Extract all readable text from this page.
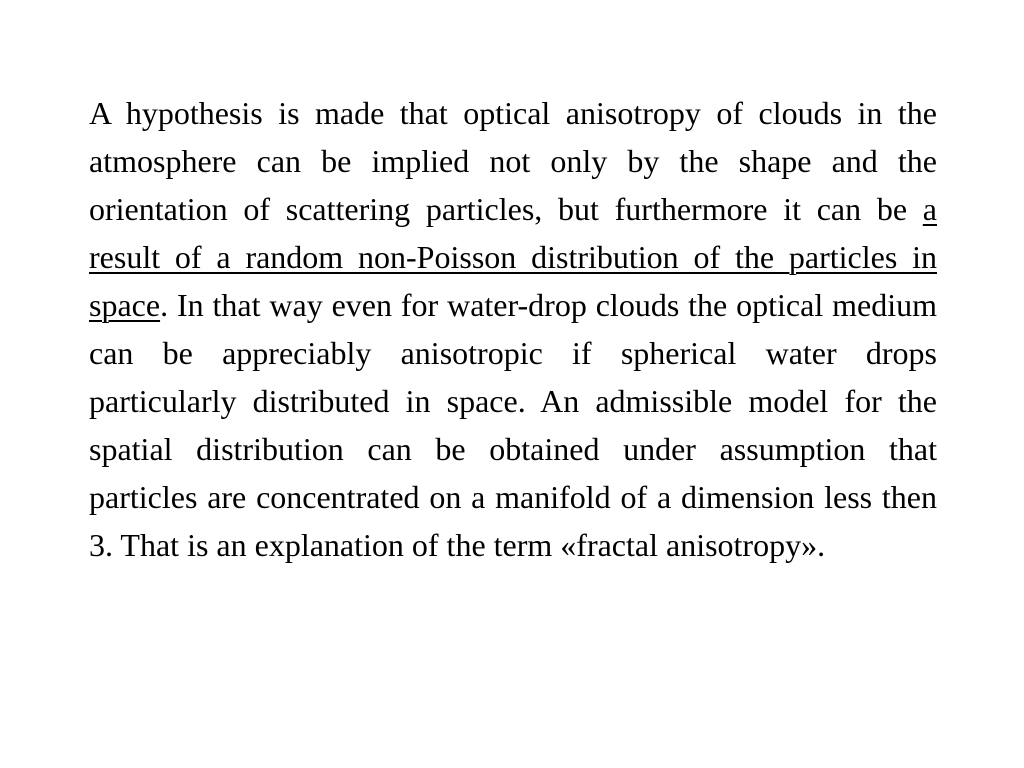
A hypothesis is made that optical anisotropy of clouds in the atmosphere can be implied not only by the shape and the orientation of scattering particles, but furthermore it can be a result of a random non-Poisson distribution of the particles in space. In that way even for water-drop clouds the optical medium can be appreciably anisotropic if spherical water drops particularly distributed in space. An admissible model for the spatial distribution can be obtained under assumption that particles are concentrated on a manifold of a dimension less then 3. That is an explanation of the term «fractal anisotropy».
